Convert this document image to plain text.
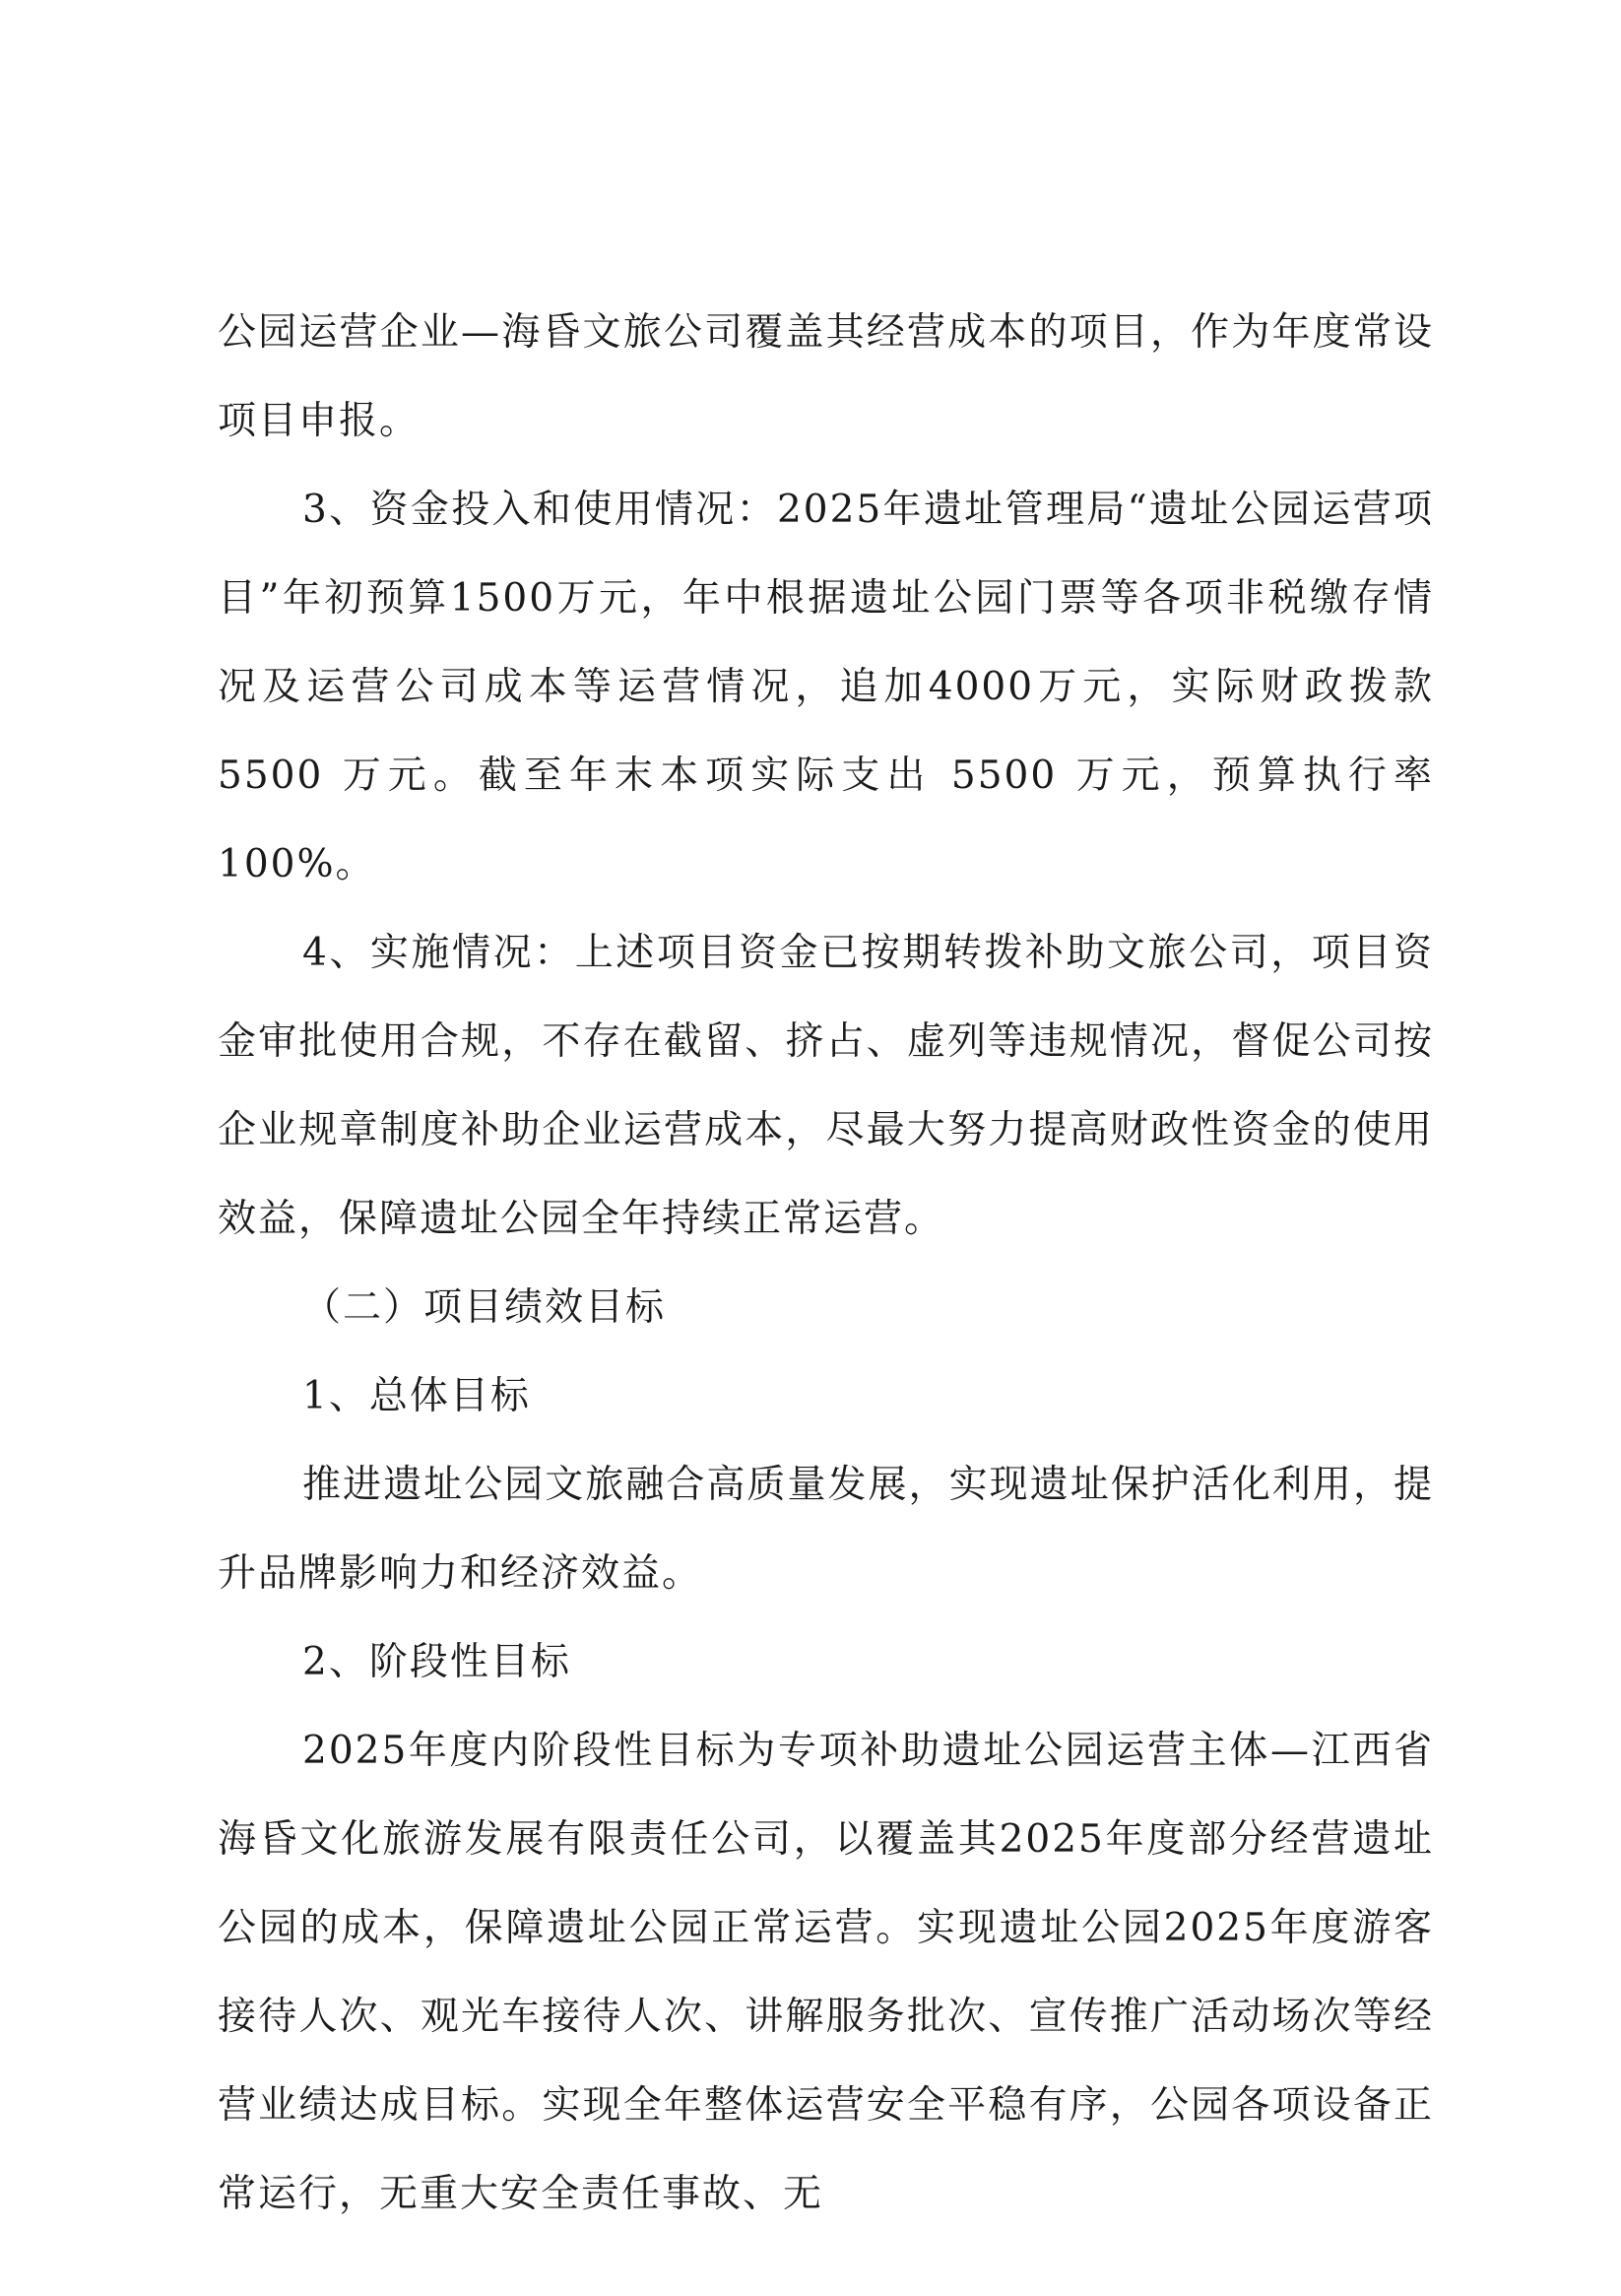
公园运营企业—海昏文旅公司覆盖其经营成本的项目，作为年度常设项目申报。

3、资金投入和使用情况：2025年遗址管理局“遗址公园运营项目”年初预算1500万元，年中根据遗址公园门票等各项非税缴存情况及运营公司成本等运营情况，追加4000万元，实际财政拨款 5500 万元。截至年末本项实际支出 5500 万元，预算执行率 100%。

4、实施情况：上述项目资金已按期转拨补助文旅公司，项目资金审批使用合规，不存在截留、挤占、虚列等违规情况，督促公司按企业规章制度补助企业运营成本，尽最大努力提高财政性资金的使用效益，保障遗址公园全年持续正常运营。

（二）项目绩效目标

1、总体目标

推进遗址公园文旅融合高质量发展，实现遗址保护活化利用，提升品牌影响力和经济效益。

2、阶段性目标

2025年度内阶段性目标为专项补助遗址公园运营主体—江西省海昏文化旅游发展有限责任公司，以覆盖其2025年度部分经营遗址公园的成本，保障遗址公园正常运营。实现遗址公园2025年度游客接待人次、观光车接待人次、讲解服务批次、宣传推广活动场次等经营业绩达成目标。实现全年整体运营安全平稳有序，公园各项设备正常运行，无重大安全责任事故、无
